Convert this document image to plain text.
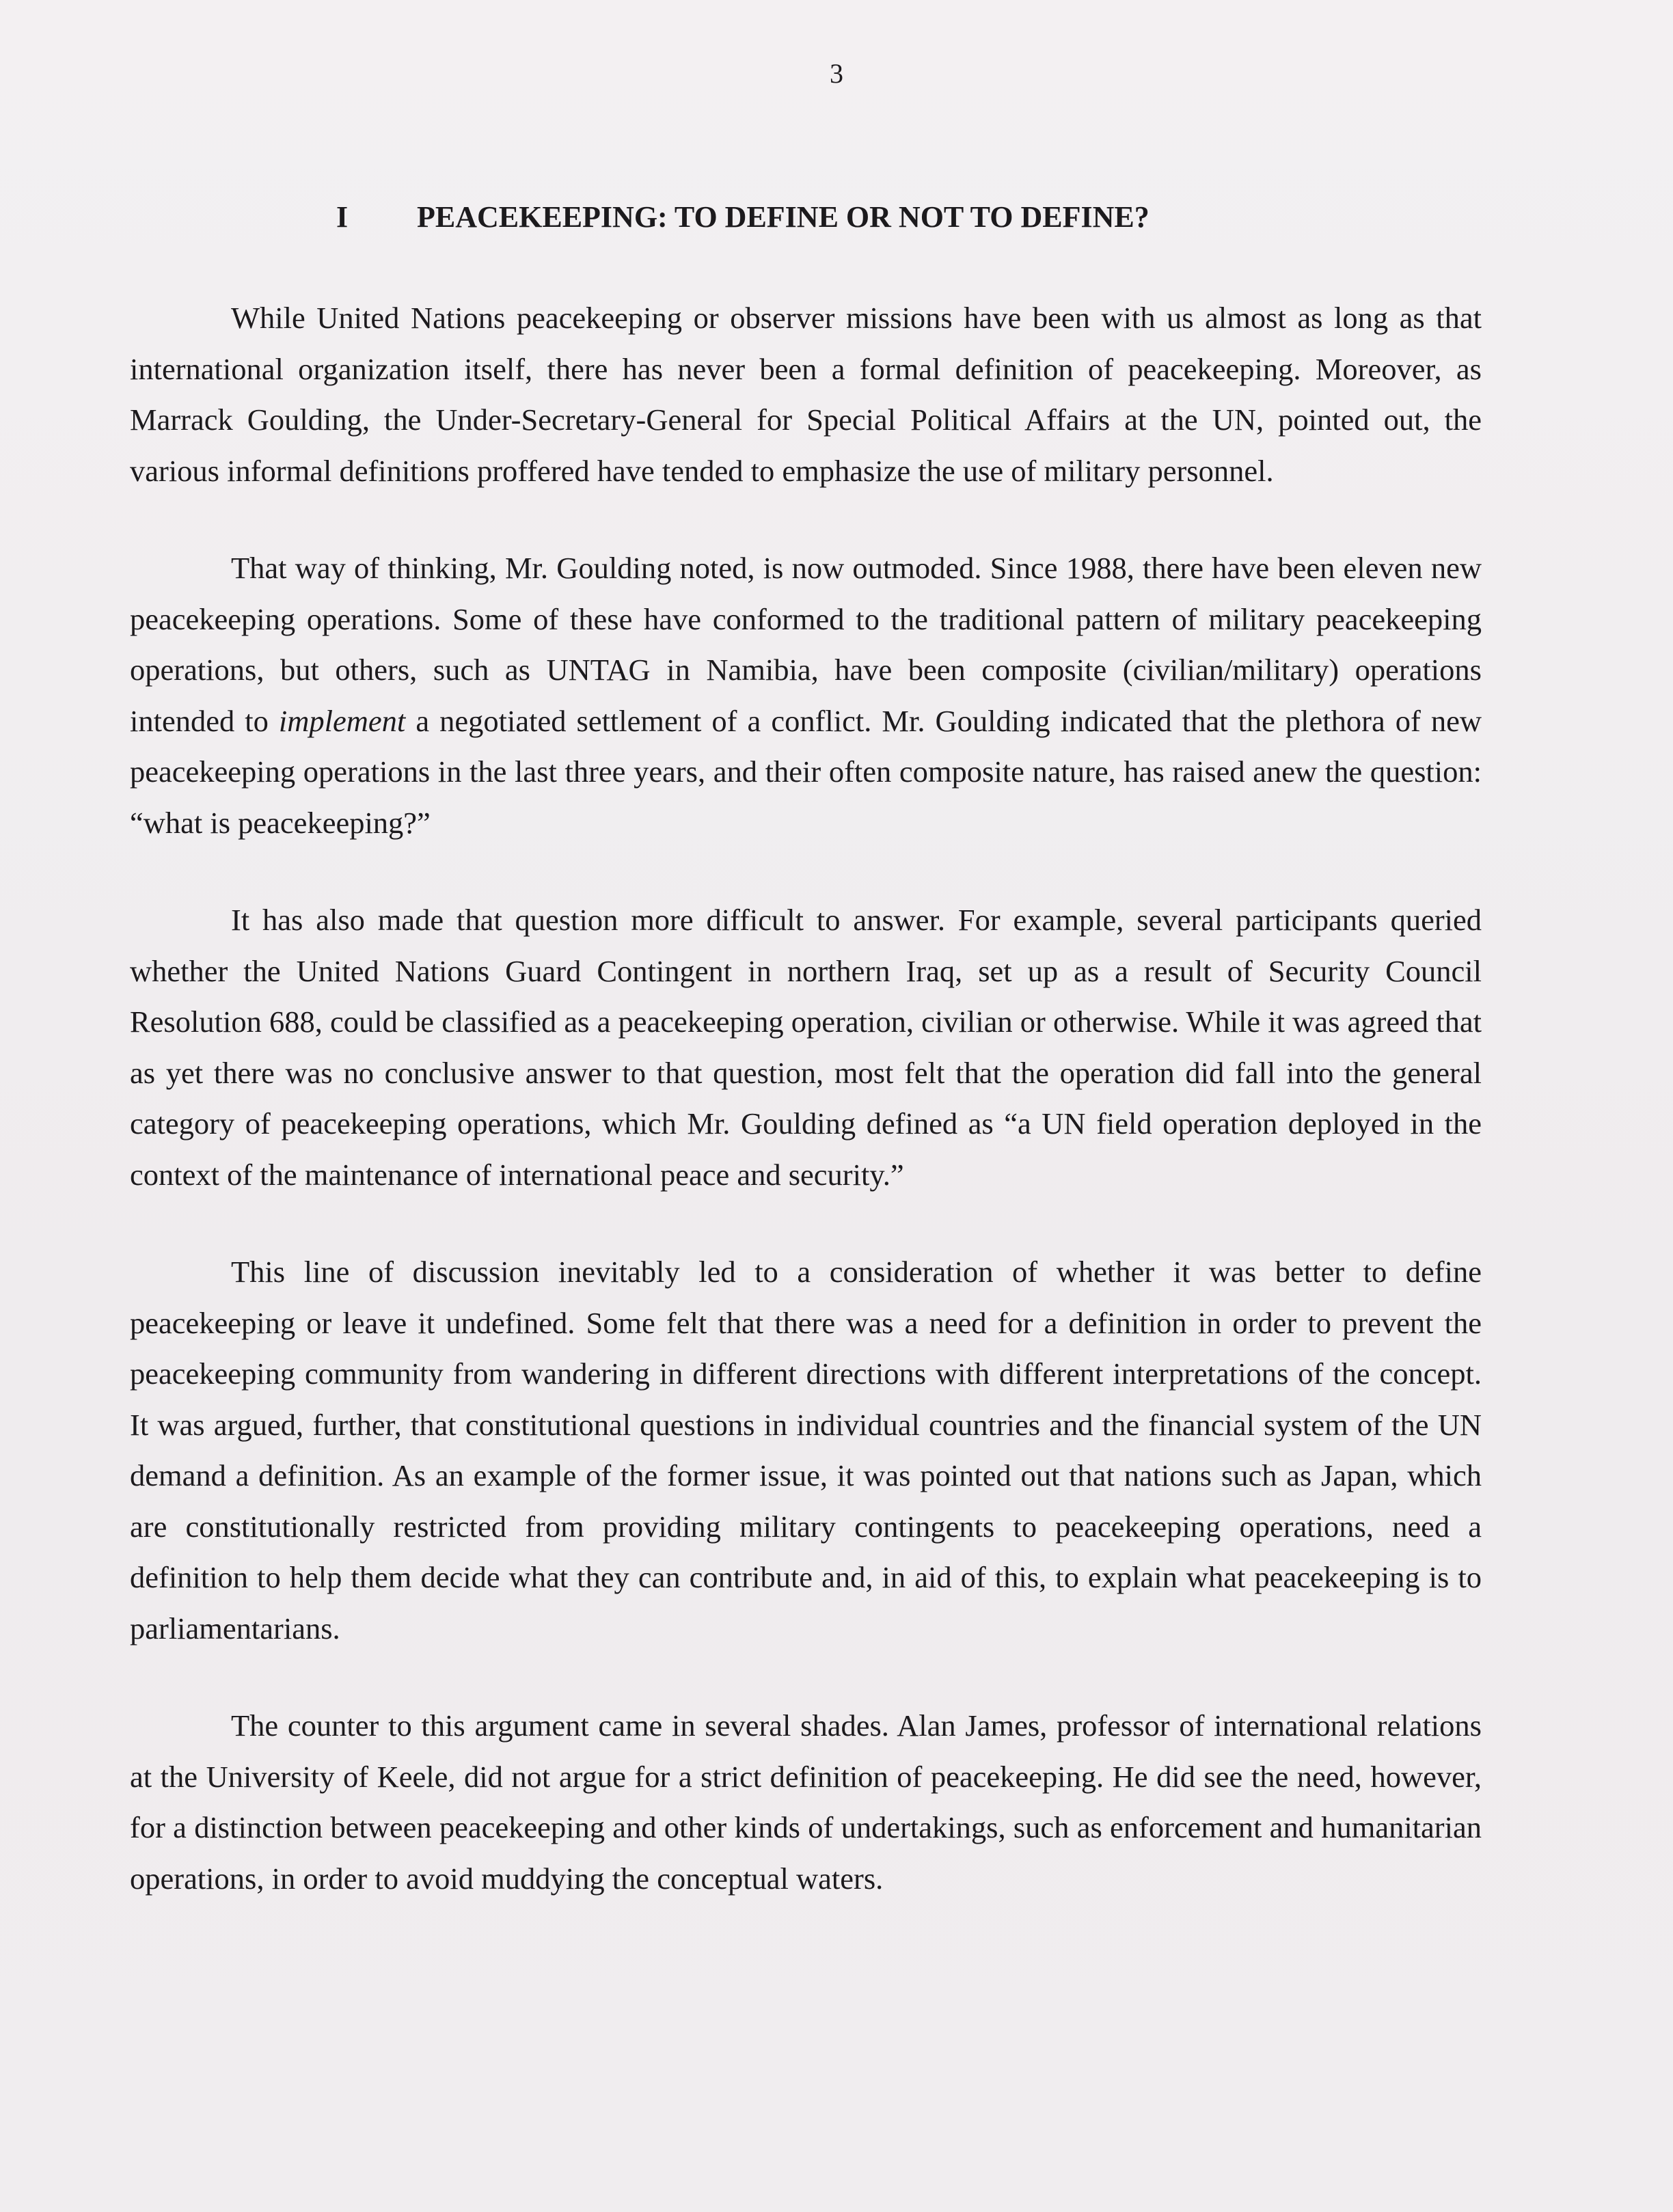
3
I PEACEKEEPING: TO DEFINE OR NOT TO DEFINE?

While United Nations peacekeeping or observer missions have been with us almost as long as that international organization itself, there has never been a formal definition of peacekeeping. Moreover, as Marrack Goulding, the Under-Secretary-General for Special Political Affairs at the UN, pointed out, the various informal definitions proffered have tended to emphasize the use of military personnel.

That way of thinking, Mr. Goulding noted, is now outmoded. Since 1988, there have been eleven new peacekeeping operations. Some of these have conformed to the traditional pattern of military peacekeeping operations, but others, such as UNTAG in Namibia, have been composite (civilian/military) operations intended to implement a negotiated settlement of a conflict. Mr. Goulding indicated that the plethora of new peacekeeping operations in the last three years, and their often composite nature, has raised anew the question: “what is peacekeeping?”

It has also made that question more difficult to answer. For example, several participants queried whether the United Nations Guard Contingent in northern Iraq, set up as a result of Security Council Resolution 688, could be classified as a peacekeeping operation, civilian or otherwise. While it was agreed that as yet there was no conclusive answer to that question, most felt that the operation did fall into the general category of peacekeeping operations, which Mr. Goulding defined as “a UN field operation deployed in the context of the maintenance of international peace and security.”

This line of discussion inevitably led to a consideration of whether it was better to define peacekeeping or leave it undefined. Some felt that there was a need for a definition in order to prevent the peacekeeping community from wandering in different directions with different interpretations of the concept. It was argued, further, that constitutional questions in individual countries and the financial system of the UN demand a definition. As an example of the former issue, it was pointed out that nations such as Japan, which are constitutionally restricted from providing military contingents to peacekeeping operations, need a definition to help them decide what they can contribute and, in aid of this, to explain what peacekeeping is to parliamentarians.

The counter to this argument came in several shades. Alan James, professor of international relations at the University of Keele, did not argue for a strict definition of peacekeeping. He did see the need, however, for a distinction between peacekeeping and other kinds of undertakings, such as enforcement and humanitarian operations, in order to avoid muddying the conceptual waters.
